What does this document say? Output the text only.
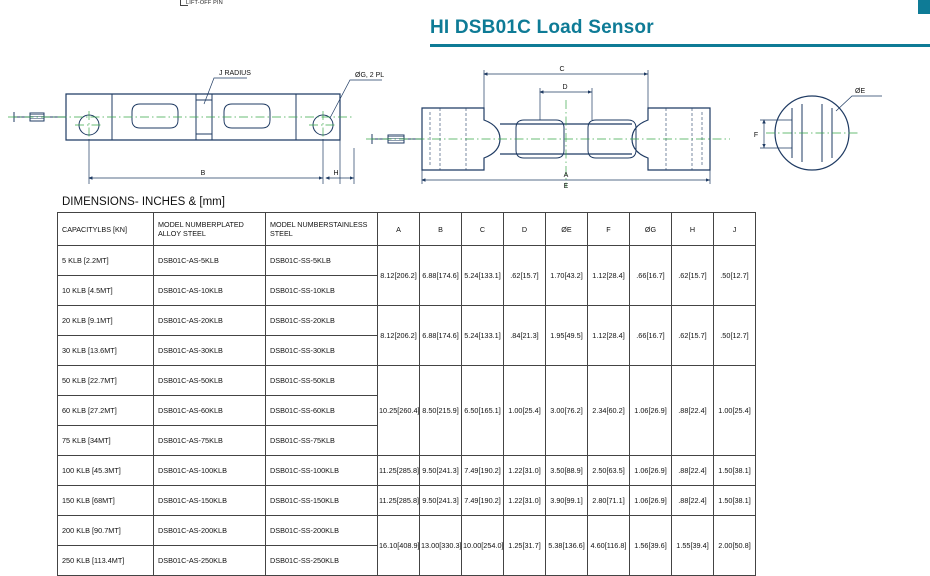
HI DSB01C Load Sensor
LIFT-OFF PIN
J RADIUS	ØG, 2 PL
B	H
C
D
E
A
ØE
F
DIMENSIONS- INCHES & [mm]
CAPACITYLBS [KN]	MODEL NUMBERPLATED ALLOY STEEL	MODEL NUMBERSTAINLESS STEEL	A	B	C	D	ØE	F	ØG	H	J
5 KLB [2.2MT]	DSB01C-AS-5KLB	DSB01C-SS-5KLB	8.12[206.2]	6.88[174.6]	5.24[133.1]	.62[15.7]	1.70[43.2]	1.12[28.4]	.66[16.7]	.62[15.7]	.50[12.7]
10 KLB [4.5MT]	DSB01C-AS-10KLB	DSB01C-SS-10KLB									
20 KLB [9.1MT]	DSB01C-AS-20KLB	DSB01C-SS-20KLB	8.12[206.2]	6.88[174.6]	5.24[133.1]	.84[21.3]	1.95[49.5]	1.12[28.4]	.66[16.7]	.62[15.7]	.50[12.7]
30 KLB [13.6MT]	DSB01C-AS-30KLB	DSB01C-SS-30KLB									
50 KLB [22.7MT]	DSB01C-AS-50KLB	DSB01C-SS-50KLB	10.25[260.4]	8.50[215.9]	6.50[165.1]	1.00[25.4]	3.00[76.2]	2.34[60.2]	1.06[26.9]	.88[22.4]	1.00[25.4]
60 KLB [27.2MT]	DSB01C-AS-60KLB	DSB01C-SS-60KLB									
75 KLB [34MT]	DSB01C-AS-75KLB	DSB01C-SS-75KLB									
100 KLB [45.3MT]	DSB01C-AS-100KLB	DSB01C-SS-100KLB	11.25[285.8]	9.50[241.3]	7.49[190.2]	1.22[31.0]	3.50[88.9]	2.50[63.5]	1.06[26.9]	.88[22.4]	1.50[38.1]
150 KLB [68MT]	DSB01C-AS-150KLB	DSB01C-SS-150KLB	11.25[285.8]	9.50[241.3]	7.49[190.2]	1.22[31.0]	3.90[99.1]	2.80[71.1]	1.06[26.9]	.88[22.4]	1.50[38.1]
200 KLB [90.7MT]	DSB01C-AS-200KLB	DSB01C-SS-200KLB	16.10[408.9]	13.00[330.3]	10.00[254.0]	1.25[31.7]	5.38[136.6]	4.60[116.8]	1.56[39.6]	1.55[39.4]	2.00[50.8]
250 KLB [113.4MT]	DSB01C-AS-250KLB	DSB01C-SS-250KLB									
